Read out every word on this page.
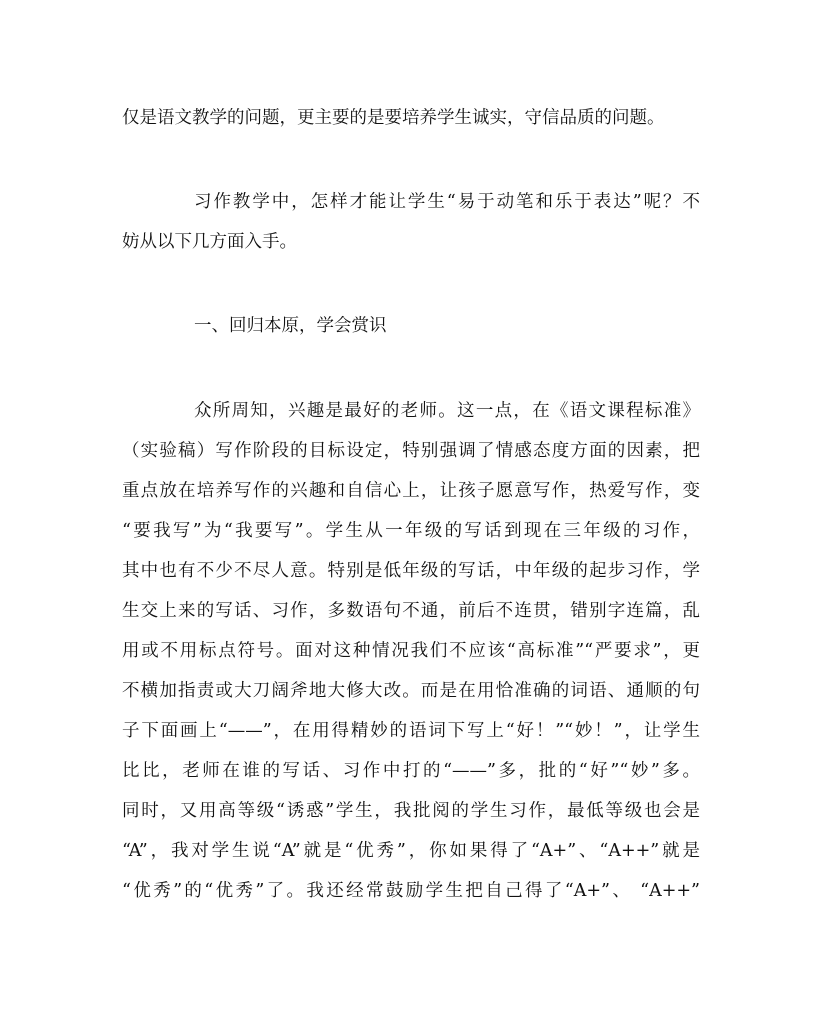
仅是语文教学的问题，更主要的是要培养学生诚实，守信品质的问题。
习作教学中，怎样才能让学生“易于动笔和乐于表达”呢？不
妨从以下几方面入手。
一、回归本原，学会赏识
众所周知，兴趣是最好的老师。这一点，在《语文课程标准》
（实验稿）写作阶段的目标设定，特别强调了情感态度方面的因素，把
重点放在培养写作的兴趣和自信心上，让孩子愿意写作，热爱写作，变
“要我写”为“我要写”。学生从一年级的写话到现在三年级的习作，
其中也有不少不尽人意。特别是低年级的写话，中年级的起步习作，学
生交上来的写话、习作，多数语句不通，前后不连贯，错别字连篇，乱
用或不用标点符号。面对这种情况我们不应该“高标准”“严要求”，更
不横加指责或大刀阔斧地大修大改。而是在用恰准确的词语、通顺的句
子下面画上“——”，在用得精妙的语词下写上“好！”“妙！”，让学生
比比，老师在谁的写话、习作中打的“——”多，批的“好”“妙”多。
同时，又用高等级“诱惑”学生，我批阅的学生习作，最低等级也会是
“A”，我对学生说“A”就是“优秀”，你如果得了“A+”、“A++”就是
“优秀”的“优秀”了。我还经常鼓励学生把自己得了“A+”、 “A++”
